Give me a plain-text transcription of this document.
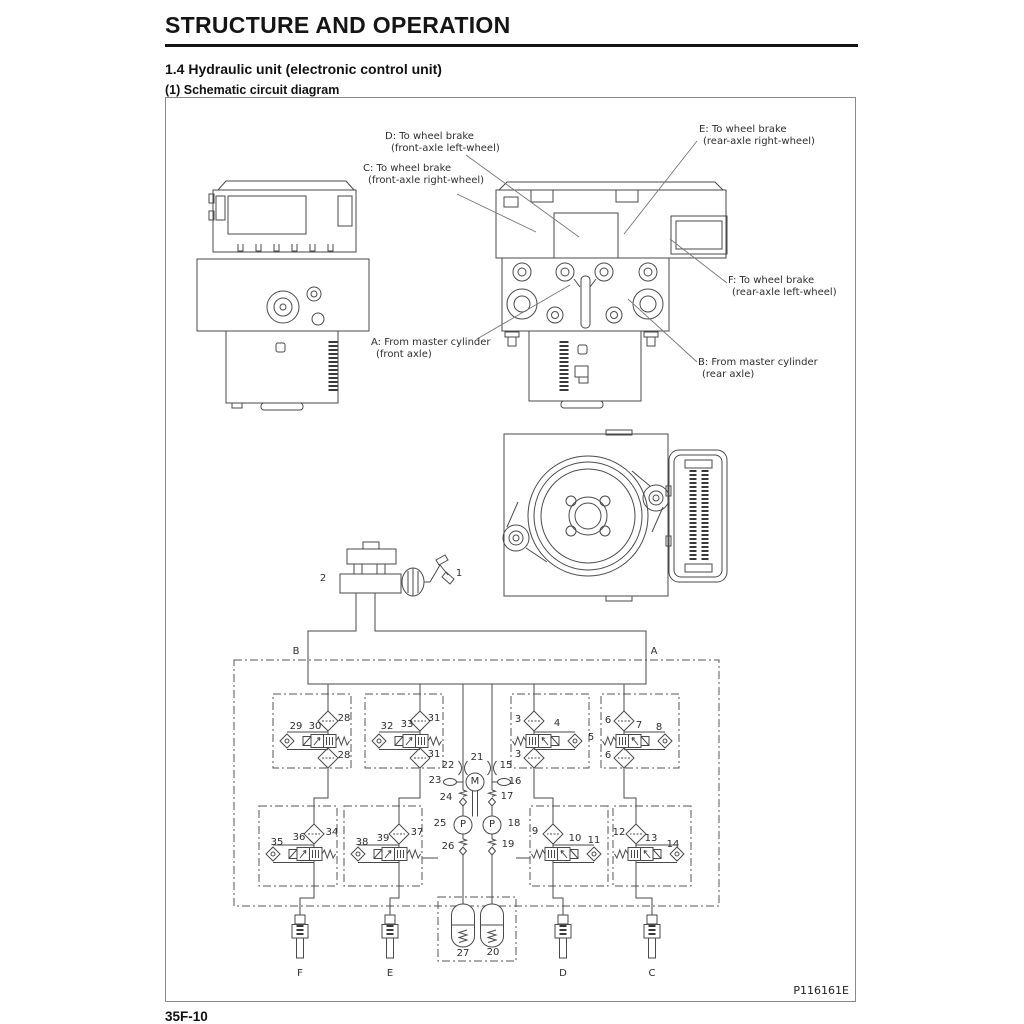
STRUCTURE AND OPERATION
1.4 Hydraulic unit (electronic control unit)
(1) Schematic circuit diagram
D: To wheel brake
(front-axle left-wheel)
C: To wheel brake
(front-axle right-wheel)
E: To wheel brake
(rear-axle right-wheel)
F: To wheel brake
(rear-axle left-wheel)
A: From master cylinder
(front axle)
B: From master cylinder
(rear axle)
2	1
B	A
29 30
28
28
32 33
31
31
3	4
3
5
6 7 8
6
22
21
15
23	16
24	17
25	18
26	19
35 36 34
38 39
37	9
10 11
12
13
14
27 20
F	E	D	C
M
P P
P116161E
35F-10
